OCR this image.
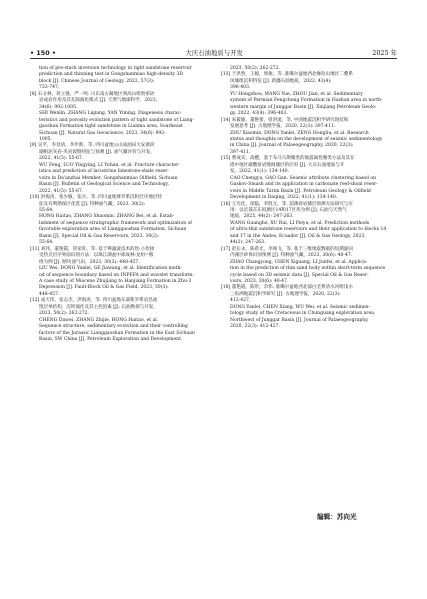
• 150 •	大庆石油地质与开发	2025 年
tion of pre-stack inversion technology in tight sandstone reservoir
prediction and thinning test in Gongshanmiao high-density 3D
block [J]. Chinese Journal of Geology, 2022, 57(3):
733-747.
[8] 石文林，蒋立强，严一鸣. 川东南古蔺地区须高山组致密砂
岩成岩作用及其孔隙演化模式 [J]. 天然气地球科学，2023,
34(6): 992-1005.
SHI Wenlin, ZHANG Liqiang, YAN Yiming. Diagenesis charac-
teristics and porosity evolution pattern of tight sandstone of Liang-
gaoshan Formation tight sandstone in Lianma area, Southeast
Sichuan [J]. Natural Gas Geoscience, 2023, 34(6): 992-
1005.
[9] 吴平，李登清，李步新，等. 四川盆地公山庙油田大安寨段
湖相泥灰岩-夹岩裂缝特征与预测 [J]. 油气藏评价与开发，
2022, 41(5): 55-67.
WU Feng, LUO Yingying, LI Yuhan, et al. Fracture character-
istics and prediction of lacustrine limestone-shale reser-
voirs in Da'anzhai Member, Gongshanmiao Oilfield, Sichuan
Basin [J]. Bulletin of Geological Science and Technology,
2022, 41(5): 55-67.
[10] 洪海涛，张少敏，张兵，等. 四川盆地侏罗系沉积层序地层特
征及有利勘探区优选 [J]. 特种油气藏，2023, 30(2):
55-64.
HONG Haitao, ZHANG Shaomin, ZHANG Bei, et al. Estab-
lishment of sequence stratigraphic framework and optimization of
favorable exploration area of Lianggaoshan Formation, Sichuan
Basin [J]. Special Oil & Gas Reservoirs, 2023, 30(2):
55-64.
[11] 刘伟，董艳霞，管家旺，等. 基于辫滤波技术的坎-小坎接
受热点层序界面识别方法：以珠江湖盆中部成林-龙组=熊
组为例 [J]. 断块油气田，2023, 30(3): 448-457.
LIU Wei, DONG Yanlei, GE Jiawang, et al. Identification meth-
od of sequence boundary based on INPEFA and wavelet transform:
A case study of Miocene Zhujiang to Hanjiang Formation in Zhu-3
Depression [J]. Fault-Block Oil & Gas Field, 2023, 30(3):
448-457.
[12] 成天伟，张志杰，洪海涛，等. 四川盆地东部侏罗系岩昌油
饱层单结构，沉积演化及其主控因素 [J]. 石油勘探与开发，
2023, 50(2): 262-272.
CHENG Dawei, ZHANG Zhijie, HONG Haitao, et al.
Sequence structure, sedimentary evolution and their controlling
factors of the Jurassic Lianggaoshan Formation in the East Sichuan
Basin, SW China [J]. Petroleum Exploration and Development,
2023, 50(2): 262-272.
[13] 于洪然，王媛，周俊，等. 准噶尔盆地西北缘哈山地区二叠系
风城组沉积特征 [J]. 新疆石油地质，2022, 43(4):
396-403.
YU Hongzhou, WANG Yue, ZHOU Jian, et al. Sedimentary
system of Permian Fengcheng Formation in Hashan area in north-
western margin of Junggar Basin [J]. Xinjiang Petroleum Geolo-
gy, 2022, 43(4): 396-403.
[14] 朱筱敏，董艳蕾，曾洪流，等. 中国地震沉积学研究现状和
发展思考 [J]. 古地理学报，2020, 22(3): 397-411.
ZHU Xiaomin, DONG Yanlei, ZENG Hongliu, et al. Research
status and thoughts on the development of seismic sedimentology
in China [J]. Journal of Palaeogeography, 2020, 22(3):
397-411.
[15] 曹成宾，高樱，基于布马马斯聚类的地震属性聚类方法及其在
塔中地区碳酸盐岩缝洞储层的应用 [J]. 大庆石油地质与开
发，2022, 41(1): 134-140.
CAO Chengyu, GAO Gan. Seismic attribute clustering based on
Gaskov-Smash and its application in carbonate reef-shoal reser-
voirs in Middle Tarim Basin [J]. Petroleum Geology & Oilfield
Development in Daqing, 2022, 41(1): 134-140.
[16] 王光化，徐隐，李胜元，等. 超薄砂岩储层预测方法研究与应
用：以近孤东东坂塘区14和17区块为例 [J]. 石油与天然气
地质，2025, 44(2): 247-263.
WANG Guanghe, XU Rui, LI Peiyu, et al. Prediction methods
of ultra-thin sandstone reservoirs and their application to blocks 14
and 17 in the Andes, Ecuador [J]. Oil & Gas Geology, 2023,
44(2): 247-263.
[17] 赵长永，陈希光，李俊飞，等. 基于三维地震数据的短期旋回
内薄层砂体识别预测 [J]. 特种油气藏，2023, 30(6): 40-47.
ZHAO Changyong, CHEN Xiguang, LI Junfei, et al. Applica-
tion in the prediction of thin sand body within short-term sequence
cycle based on 3D seismic data [J]. Special Oil & Gas Reser-
voirs, 2023, 30(6): 40-47.
[18] 董艳霞，陈卅，佘伟. 准噶尔盆地西北部白垩系清水河组浅水
三角洲地震沉积学研究 [J]. 古地理学报，2020, 22(3):
412-427.
DONG Yanlei, CHEN Xiang, WU Wei, et al. Seismic sedimen-
tology study of the Cretaceous in Chunguang exploration area,
Northwest of Junggar Basin [J]. Journal of Palaeogeography,
2020, 22(3): 412-427.
编辑：苏向光
